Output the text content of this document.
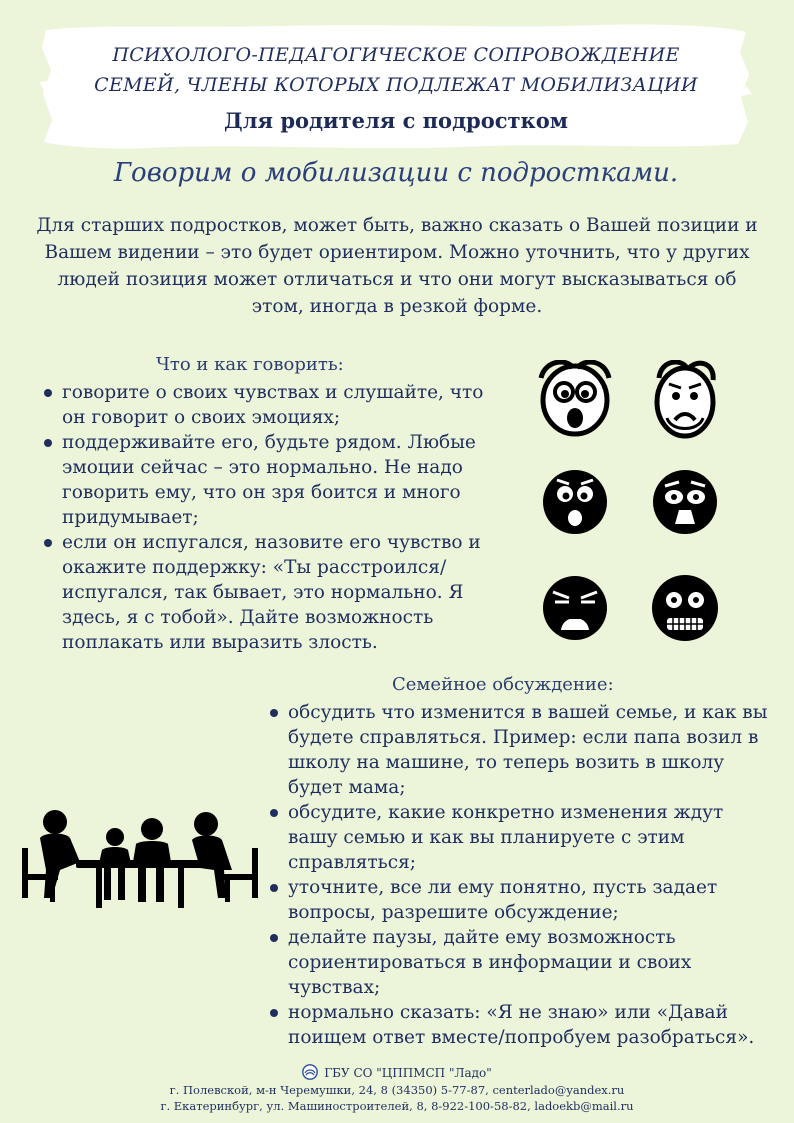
ПСИХОЛОГО-ПЕДАГОГИЧЕСКОЕ СОПРОВОЖДЕНИЕ
СЕМЕЙ, ЧЛЕНЫ КОТОРЫХ ПОДЛЕЖАТ МОБИЛИЗАЦИИ
Для родителя с подростком
Говорим о мобилизации с подростками.
Для старших подростков, может быть, важно сказать о Вашей позиции и Вашем видении – это будет ориентиром. Можно уточнить, что у других людей позиция может отличаться и что они могут высказываться об этом, иногда в резкой форме.
Что и как говорить:
говорите о своих чувствах и слушайте, что он говорит о своих эмоциях;
поддерживайте его, будьте рядом. Любые эмоции сейчас – это нормально. Не надо говорить ему, что он зря боится и много придумывает;
если он испугался, назовите его чувство и окажите поддержку: «Ты расстроился/испугался, так бывает, это нормально. Я здесь, я с тобой». Дайте возможность поплакать или выразить злость.
Семейное обсуждение:
обсудить что изменится в вашей семье, и как вы будете справляться. Пример: если папа возил в школу на машине, то теперь возить в школу будет мама;
обсудите, какие конкретно изменения ждут вашу семью и как вы планируете с этим справляться;
уточните, все ли ему понятно, пусть задает вопросы, разрешите обсуждение;
делайте паузы, дайте ему возможность сориентироваться в информации и своих чувствах;
нормально сказать: «Я не знаю» или «Давай поищем ответ вместе/попробуем разобраться».
ГБУ СО "ЦППМСП "Ладо"
г. Полевской, м-н Черемушки, 24, 8 (34350) 5-77-87, centerlado@yandex.ru
г. Екатеринбург, ул. Машиностроителей, 8, 8-922-100-58-82, ladoekb@mail.ru
